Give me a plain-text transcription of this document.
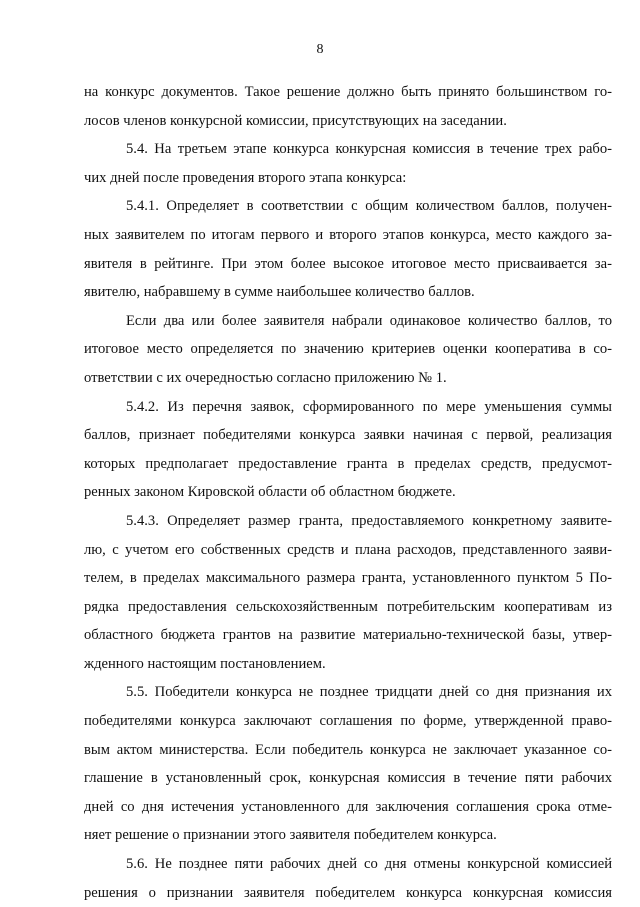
8
на конкурс документов. Такое решение должно быть принято большинством го-
лосов членов конкурсной комиссии, присутствующих на заседании.
5.4. На третьем этапе конкурса конкурсная комиссия в течение трех рабо-
чих дней после проведения второго этапа конкурса:
5.4.1. Определяет в соответствии с общим количеством баллов, получен-
ных заявителем по итогам первого и второго этапов конкурса, место каждого за-
явителя в рейтинге. При этом более высокое итоговое место присваивается за-
явителю, набравшему в сумме наибольшее количество баллов.
Если два или более заявителя набрали одинаковое количество баллов, то
итоговое место определяется по значению критериев оценки кооператива в со-
ответствии с их очередностью согласно приложению № 1.
5.4.2. Из перечня заявок, сформированного по мере уменьшения суммы
баллов, признает победителями конкурса заявки начиная с первой, реализация
которых предполагает предоставление гранта в пределах средств, предусмот-
ренных законом Кировской области об областном бюджете.
5.4.3. Определяет размер гранта, предоставляемого конкретному заявите-
лю, с учетом его собственных средств и плана расходов, представленного заяви-
телем, в пределах максимального размера гранта, установленного пунктом 5 По-
рядка предоставления сельскохозяйственным потребительским кооперативам из
областного бюджета грантов на развитие материально-технической базы, утвер-
жденного настоящим постановлением.
5.5. Победители конкурса не позднее тридцати дней со дня признания их
победителями конкурса заключают соглашения по форме, утвержденной право-
вым актом министерства. Если победитель конкурса не заключает указанное со-
глашение в установленный срок, конкурсная комиссия в течение пяти рабочих
дней со дня истечения установленного для заключения соглашения срока отме-
няет решение о признании этого заявителя победителем конкурса.
5.6. Не позднее пяти рабочих дней со дня отмены конкурсной комиссией
решения о признании заявителя победителем конкурса конкурсная комиссия
